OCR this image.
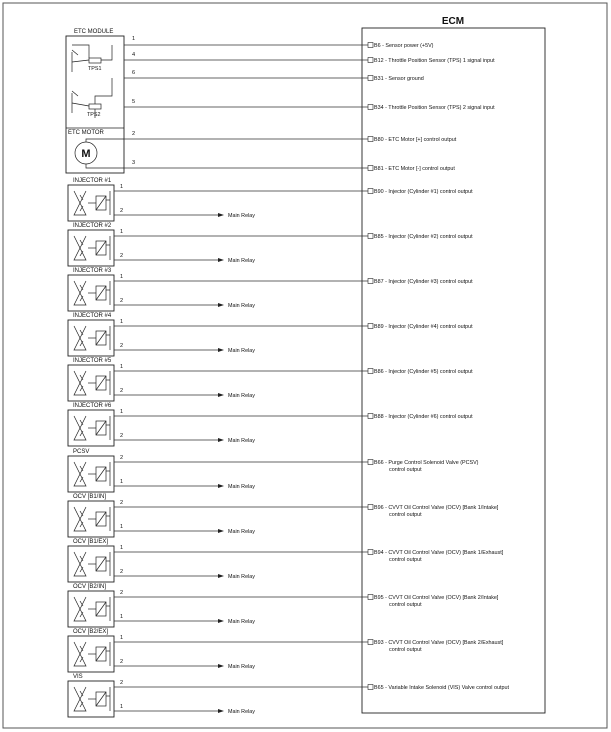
ECM
B6 - Sensor power (+5V)
B12 - Throttle Position Sensor (TPS) 1 signal input
B31 - Sensor ground
B34 - Throttle Position Sensor (TPS) 2 signal input
B80 - ETC Motor [+] control output
B81 - ETC Motor [-] control output
B90 - Injector (Cylinder #1) control output
B85 - Injector (Cylinder #2) control output
B87 - Injector (Cylinder #3) control output
B89 - Injector (Cylinder #4) control output
B86 - Injector (Cylinder #5) control output
B88 - Injector (Cylinder #6) control output
B66 - Purge Control Solenoid Valve (PCSV)
control output
B96 - CVVT Oil Control Valve (OCV) [Bank 1/Intake]
control output
B94 - CVVT Oil Control Valve (OCV) [Bank 1/Exhaust]
control output
B95 - CVVT Oil Control Valve (OCV) [Bank 2/Intake]
control output
B93 - CVVT Oil Control Valve (OCV) [Bank 2/Exhaust]
control output
B65 - Variable Intake Solenoid (VIS) Valve control output
ETC MODULE
TPS1
TPS2
ETC MOTOR
M
1
4
6
5
2
3
INJECTOR #1
1
2
Main Relay
INJECTOR #2
1
2
Main Relay
INJECTOR #3
1
2
Main Relay
INJECTOR #4
1
2
Main Relay
INJECTOR #5
1
2
Main Relay
INJECTOR #6
1
2
Main Relay
PCSV
2
1
Main Relay
OCV [B1/IN]
2
1
Main Relay
OCV [B1/EX]
1
2
Main Relay
OCV [B2/IN]
2
1
Main Relay
OCV [B2/EX]
1
2
Main Relay
VIS
2
1
Main Relay
